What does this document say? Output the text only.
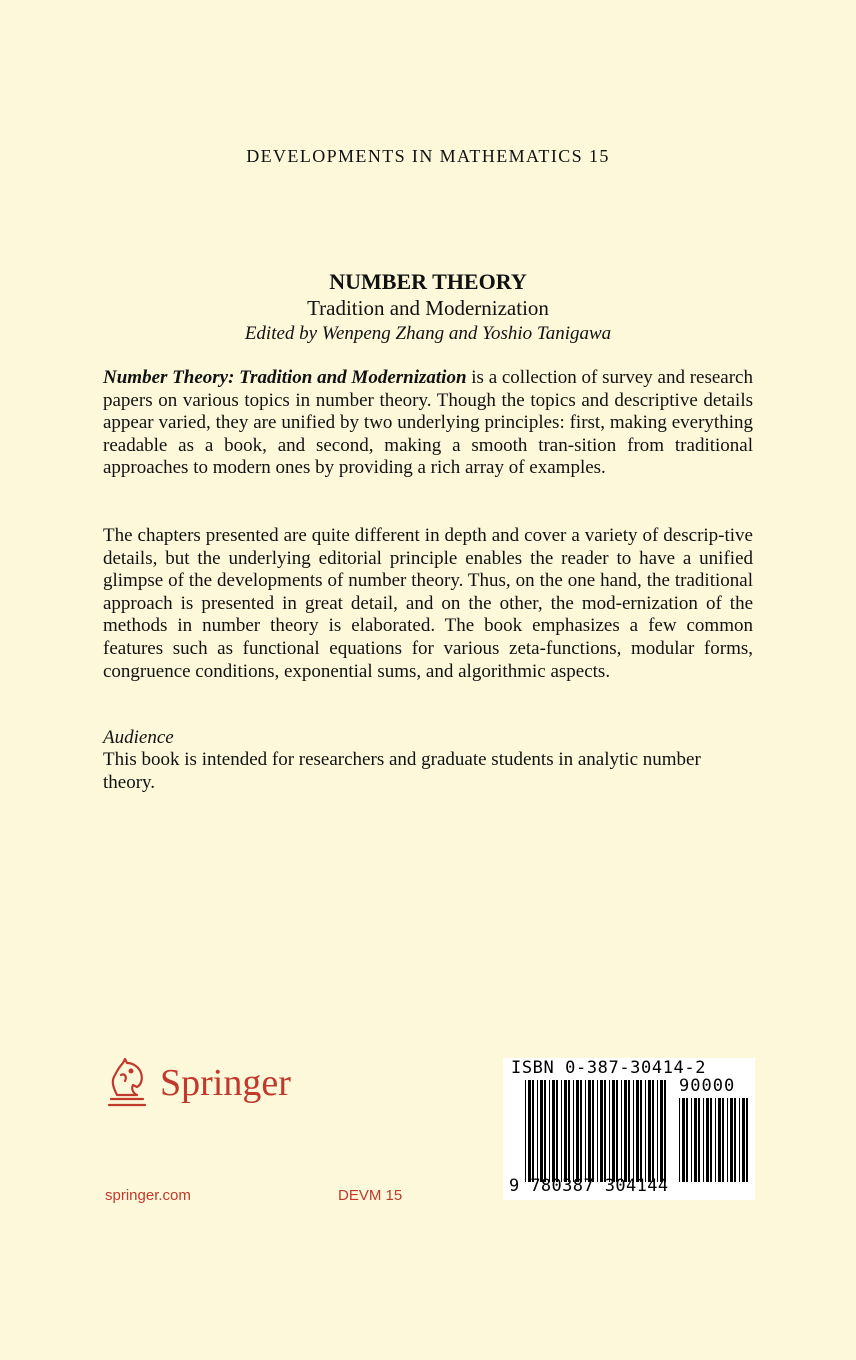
DEVELOPMENTS IN MATHEMATICS 15
NUMBER THEORY
Tradition and Modernization
Edited by Wenpeng Zhang and Yoshio Tanigawa

Number Theory: Tradition and Modernization is a collection of survey and research papers on various topics in number theory. Though the topics and descriptive details appear varied, they are unified by two underlying principles: first, making everything readable as a book, and second, making a smooth tran-sition from traditional approaches to modern ones by providing a rich array of examples.

The chapters presented are quite different in depth and cover a variety of descrip-tive details, but the underlying editorial principle enables the reader to have a unified glimpse of the developments of number theory. Thus, on the one hand, the traditional approach is presented in great detail, and on the other, the mod-ernization of the methods in number theory is elaborated. The book emphasizes a few common features such as functional equations for various zeta-functions, modular forms, congruence conditions, exponential sums, and algorithmic aspects.

Audience

This book is intended for researchers and graduate students in analytic number theory.

Springer
springer.com	DEVM 15
ISBN 0-387-30414-2
90000
9 780387 304144
